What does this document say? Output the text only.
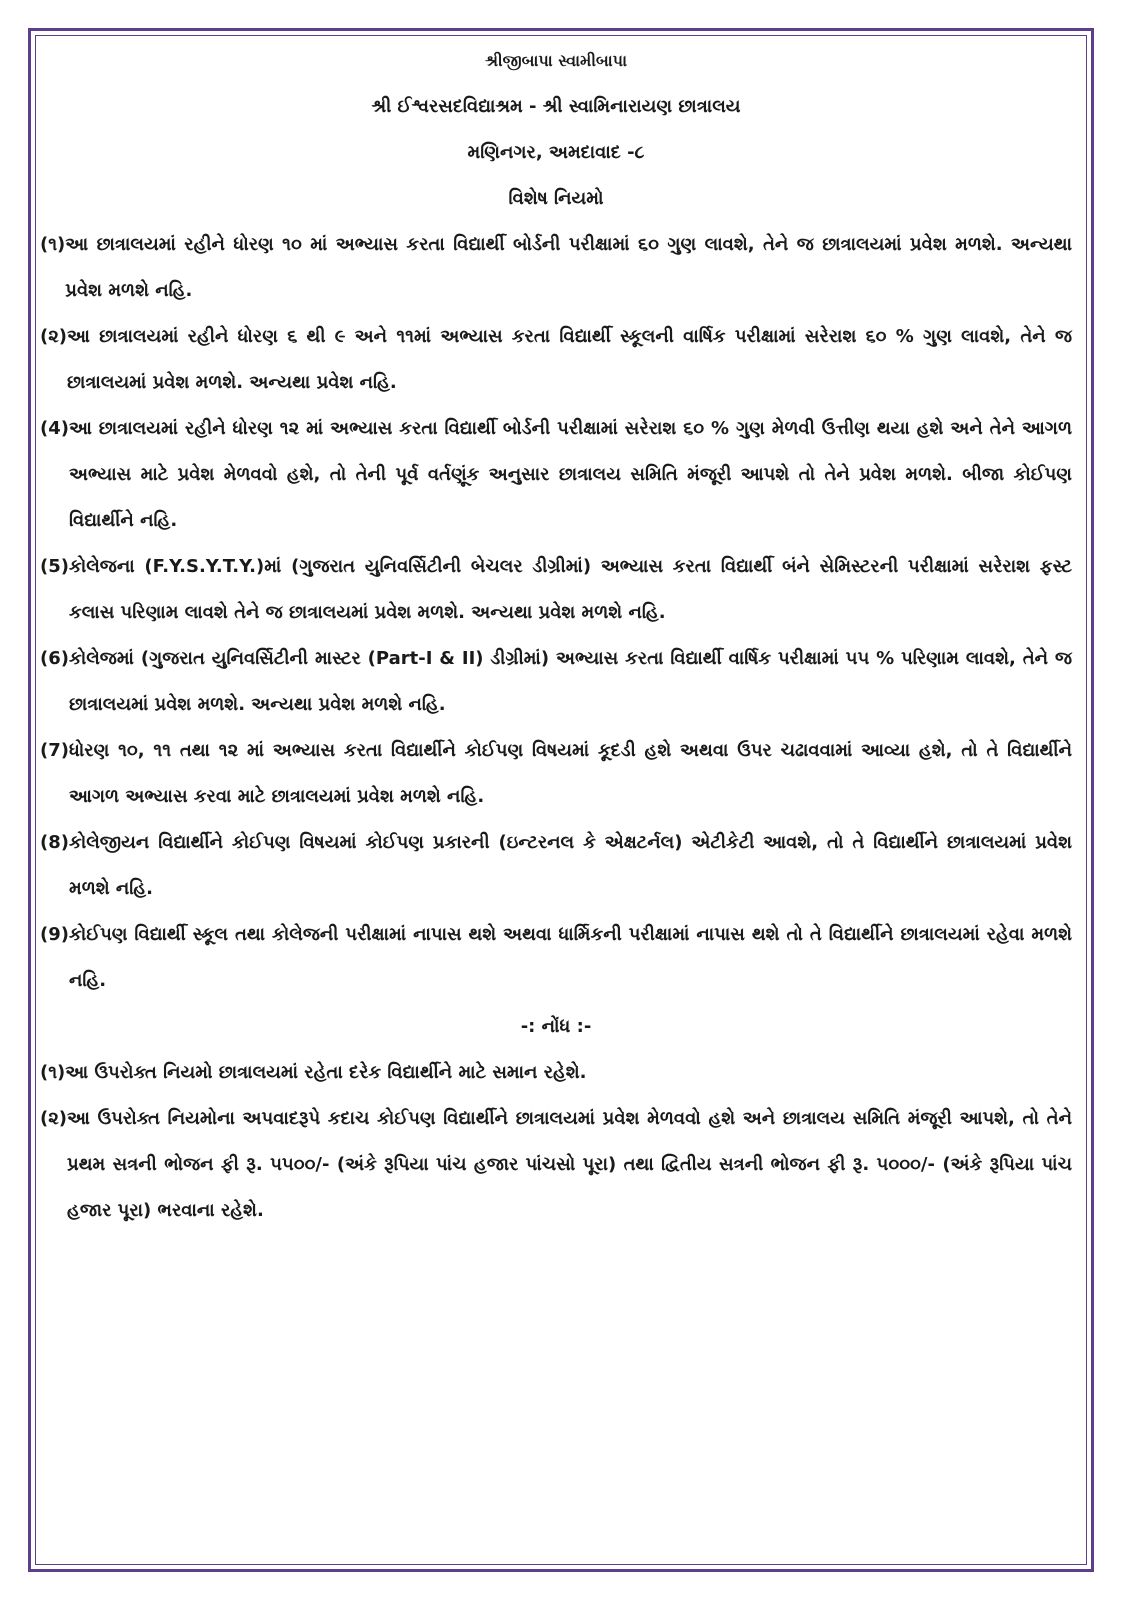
શ્રીજીબાપા સ્વામીબાપા
શ્રી ઈશ્વરસદવિદ્યાશ્રમ - શ્રી સ્વામિનારાયણ છાત્રાલય
મણિનગર, અમદાવાદ -૮
વિશેષ નિયમો
(૧) આ છાત્રાલયમાં રહીને ધોરણ ૧૦ માં અભ્યાસ કરતા વિદ્યાર્થી બોર્ડની પરીક્ષામાં ૬૦ ગુણ લાવશે, તેને જ છાત્રાલયમાં પ્રવેશ મળશે. અન્યથા પ્રવેશ મળશે નહિ.
(૨) આ છાત્રાલયમાં રહીને ધોરણ ૬ થી ૯ અને ૧૧માં અભ્યાસ કરતા વિદ્યાર્થી સ્કૂલની વાર્ષિક પરીક્ષામાં સરેરાશ ૬૦ % ગુણ લાવશે, તેને જ છાત્રાલયમાં પ્રવેશ મળશે. અન્યથા પ્રવેશ નહિ.
(4) આ છાત્રાલયમાં રહીને ધોરણ ૧૨ માં અભ્યાસ કરતા વિદ્યાર્થી બોર્ડની પરીક્ષામાં સરેરાશ ૬૦ % ગુણ મેળવી ઉત્તીણ થયા હશે અને તેને આગળ અભ્યાસ માટે પ્રવેશ મેળવવો હશે, તો તેની પૂર્વ વર્તણૂંક અનુસાર છાત્રાલય સમિતિ મંજૂરી આપશે તો તેને પ્રવેશ મળશે. બીજા કોઈપણ વિદ્યાર્થીને નહિ.
(5) કોલેજના (F.Y.S.Y.T.Y.)માં (ગુજરાત યુનિવર્સિટીની બેચલર ડીગ્રીમાં) અભ્યાસ કરતા વિદ્યાર્થી બંને સેમિસ્ટરની પરીક્ષામાં સરેરાશ ફસ્ટ કલાસ પરિણામ લાવશે તેને જ છાત્રાલયમાં પ્રવેશ મળશે. અન્યથા પ્રવેશ મળશે નહિ.
(6) કોલેજમાં (ગુજરાત યુનિવર્સિટીની માસ્ટર (Part-I & II) ડીગ્રીમાં) અભ્યાસ કરતા વિદ્યાર્થી વાર્ષિક પરીક્ષામાં ૫૫ % પરિણામ લાવશે, તેને જ છાત્રાલયમાં પ્રવેશ મળશે. અન્યથા પ્રવેશ મળશે નહિ.
(7) ધોરણ ૧૦, ૧૧ તથા ૧૨ માં અભ્યાસ કરતા વિદ્યાર્થીને કોઈપણ વિષયમાં કૂદડી હશે અથવા ઉપર ચઢાવવામાં આવ્યા હશે, તો તે વિદ્યાર્થીને આગળ અભ્યાસ કરવા માટે છાત્રાલયમાં પ્રવેશ મળશે નહિ.
(8) કોલેજીયન વિદ્યાર્થીને કોઈપણ વિષયમાં કોઈપણ પ્રકારની (ઇન્ટરનલ કે એક્ષટર્નલ) એટીકેટી આવશે, તો તે વિદ્યાર્થીને છાત્રાલયમાં પ્રવેશ મળશે નહિ.
(9) કોઈપણ વિદ્યાર્થી સ્કૂલ તથા કોલેજની પરીક્ષામાં નાપાસ થશે અથવા ધાર્મિકની પરીક્ષામાં નાપાસ થશે તો તે વિદ્યાર્થીને છાત્રાલયમાં રહેવા મળશે નહિ.
-: નોંધ :-
(૧) આ ઉપરોક્ત નિયમો છાત્રાલયમાં રહેતા દરેક વિદ્યાર્થીને માટે સમાન રહેશે.
(૨) આ ઉપરોક્ત નિયમોના અપવાદરૂપે કદાચ કોઈપણ વિદ્યાર્થીને છાત્રાલયમાં પ્રવેશ મેળવવો હશે અને છાત્રાલય સમિતિ મંજૂરી આપશે, તો તેને પ્રથમ સત્રની ભોજન ફી રૂ. ૫૫૦૦/- (અંકે રૂપિયા પાંચ હજાર પાંચસો પૂરા) તથા દ્વિતીય સત્રની ભોજન ફી રૂ. ૫૦૦૦/- (અંકે રૂપિયા પાંચ હજાર પૂરા) ભરવાના રહેશે.
